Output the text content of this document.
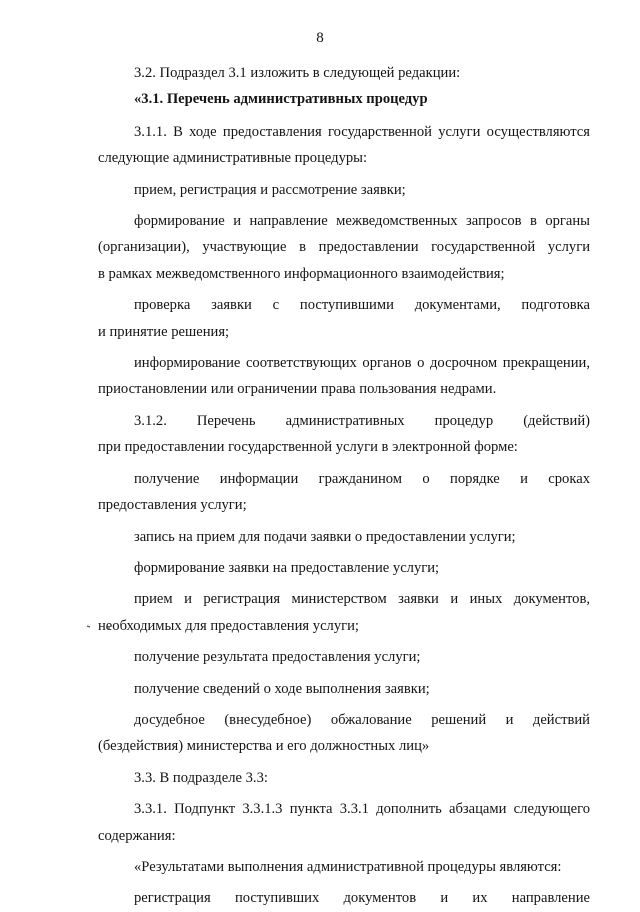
8
3.2. Подраздел 3.1 изложить в следующей редакции:
«3.1. Перечень административных процедур
3.1.1. В ходе предоставления государственной услуги осуществляются
следующие административные процедуры:
прием, регистрация и рассмотрение заявки;
формирование и направление межведомственных запросов в органы
(организации), участвующие в предоставлении государственной услуги
в рамках межведомственного информационного взаимодействия;
проверка заявки с поступившими документами, подготовка
и принятие решения;
информирование соответствующих органов о досрочном прекращении,
приостановлении или ограничении права пользования недрами.
3.1.2. Перечень административных процедур (действий)
при предоставлении государственной услуги в электронной форме:
получение информации гражданином о порядке и сроках
предоставления услуги;
запись на прием для подачи заявки о предоставлении услуги;
формирование заявки на предоставление услуги;
прием и регистрация министерством заявки и иных документов,
необходимых для предоставления услуги;
получение результата предоставления услуги;
получение сведений о ходе выполнения заявки;
досудебное (внесудебное) обжалование решений и действий
(бездействия) министерства и его должностных лиц»
3.3. В подразделе 3.3:
3.3.1. Подпункт 3.3.1.3 пункта 3.3.1 дополнить абзацами следующего
содержания:
«Результатами выполнения административной процедуры являются:
регистрация поступивших документов и их направление
